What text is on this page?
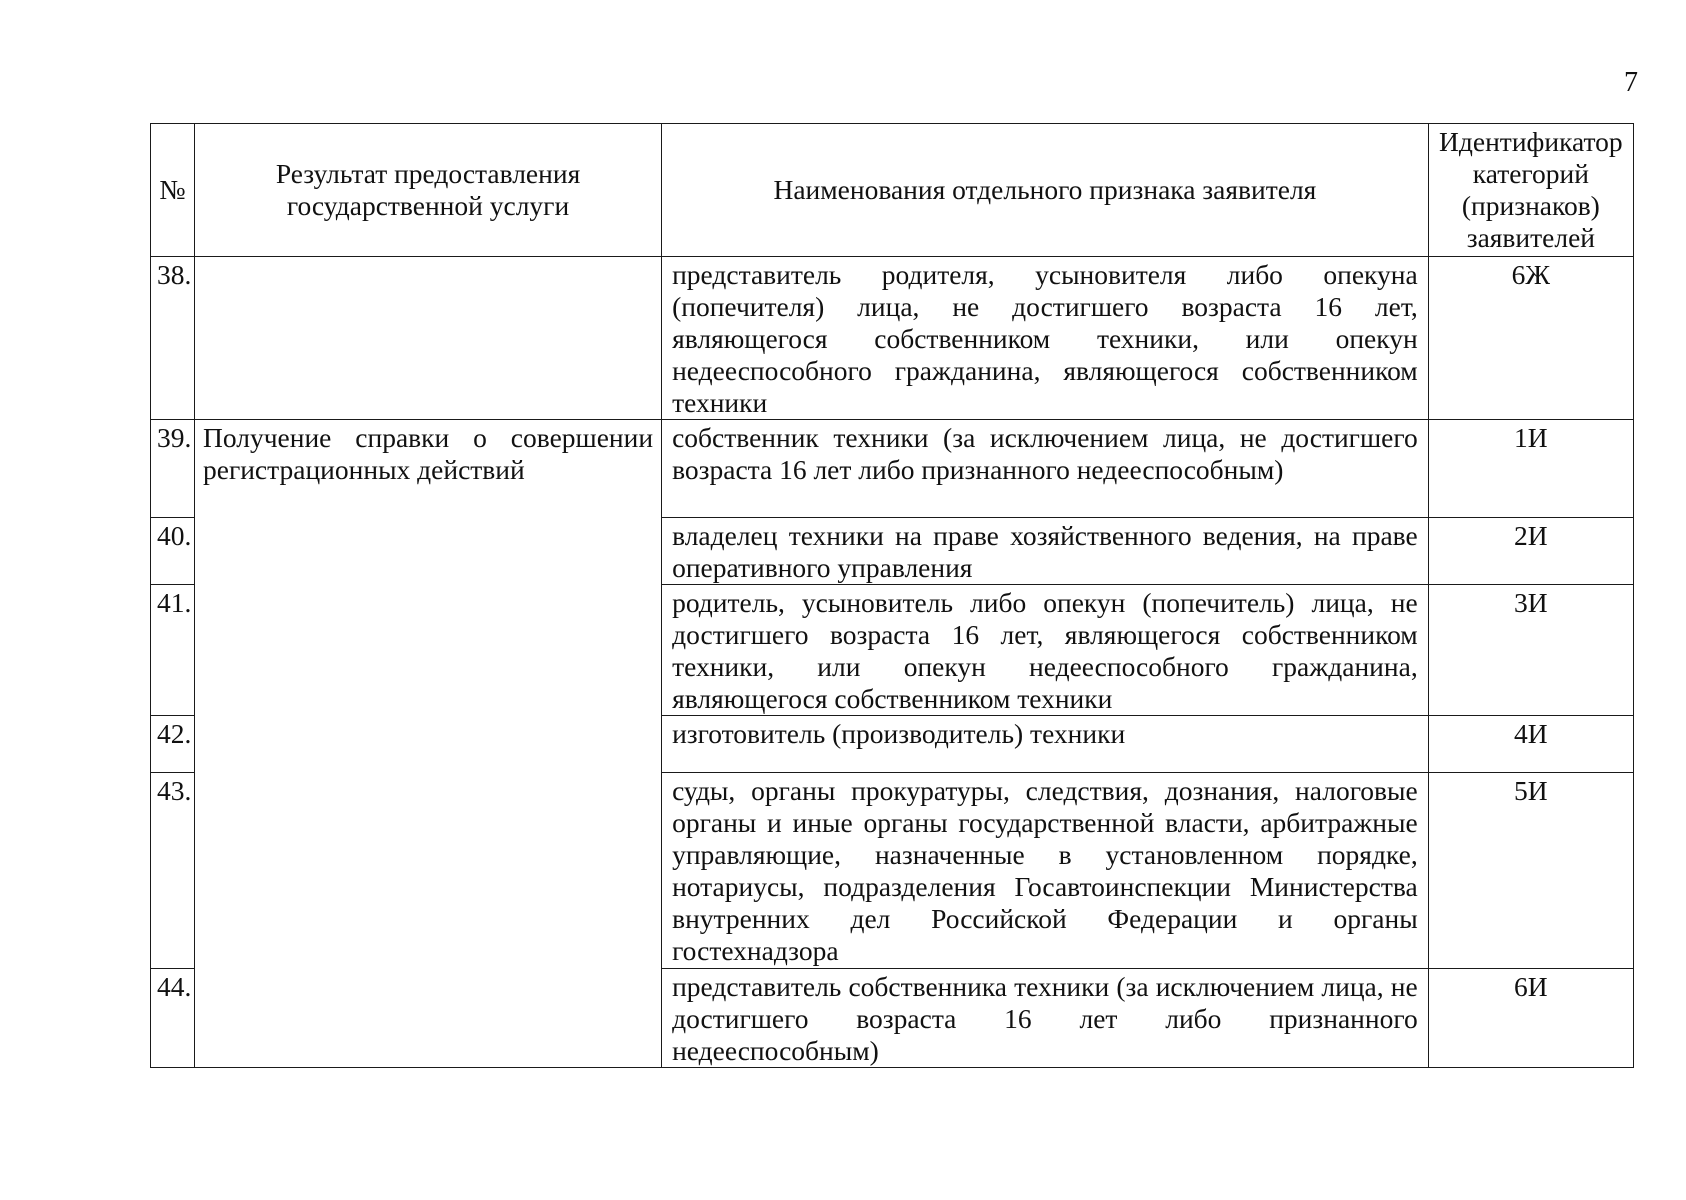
7
№	Результат предоставления государственной услуги	Наименования отдельного признака заявителя	Идентификатор категорий (признаков) заявителей
38.		представитель родителя, усыновителя либо опекуна (попечителя) лица, не достигшего возраста 16 лет, являющегося собственником техники, или опекун недееспособного гражданина, являющегося собственником техники	6Ж
39.	Получение справки о совершении регистрационных действий	собственник техники (за исключением лица, не достигшего возраста 16 лет либо признанного недееспособным)	1И
40.		владелец техники на праве хозяйственного ведения, на праве оперативного управления	2И
41.		родитель, усыновитель либо опекун (попечитель) лица, не достигшего возраста 16 лет, являющегося собственником техники, или опекун недееспособного гражданина, являющегося собственником техники	3И
42.		изготовитель (производитель) техники	4И
43.		суды, органы прокуратуры, следствия, дознания, налоговые органы и иные органы государственной власти, арбитражные управляющие, назначенные в установленном порядке, нотариусы, подразделения Госавтоинспекции Министерства внутренних дел Российской Федерации и органы гостехнадзора	5И
44.		представитель собственника техники (за исключением лица, не достигшего возраста 16 лет либо признанного недееспособным)	6И
